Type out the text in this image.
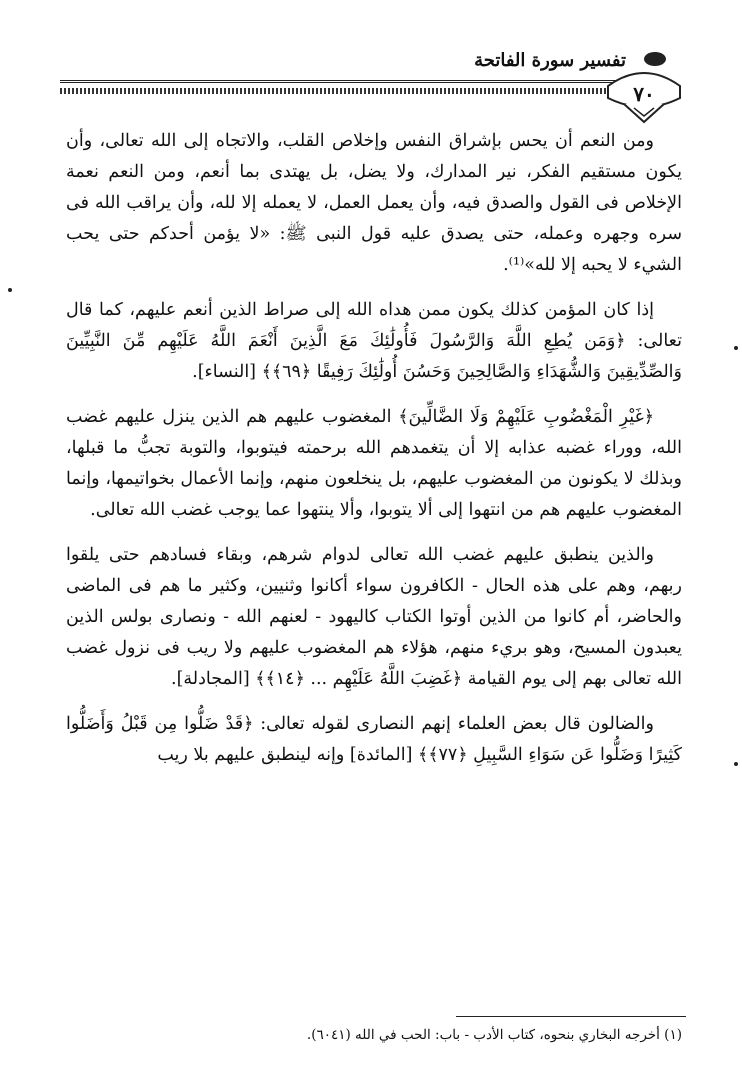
تفسير سورة الفاتحة
٧٠

ومن النعم أن يحس بإشراق النفس وإخلاص القلب، والاتجاه إلى الله تعالى، وأن يكون مستقيم الفكر، نير المدارك، ولا يضل، بل يهتدى بما أنعم، ومن النعم نعمة الإخلاص فى القول والصدق فيه، وأن يعمل العمل، لا يعمله إلا لله، وأن يراقب الله فى سره وجهره وعمله، حتى يصدق عليه قول النبى ﷺ: «لا يؤمن أحدكم حتى يحب الشيء لا يحبه إلا لله»⁽¹⁾.

إذا كان المؤمن كذلك يكون ممن هداه الله إلى صراط الذين أنعم عليهم، كما قال تعالى: ﴿وَمَن يُطِعِ اللَّهَ وَالرَّسُولَ فَأُولَٰئِكَ مَعَ الَّذِينَ أَنْعَمَ اللَّهُ عَلَيْهِم مِّنَ النَّبِيِّينَ وَالصِّدِّيقِينَ وَالشُّهَدَاءِ وَالصَّالِحِينَ وَحَسُنَ أُولَٰئِكَ رَفِيقًا ﴿٦٩﴾﴾ [النساء].

﴿غَيْرِ الْمَغْضُوبِ عَلَيْهِمْ وَلَا الضَّالِّينَ﴾ المغضوب عليهم هم الذين ينزل عليهم غضب الله، ووراء غضبه عذابه إلا أن يتغمدهم الله برحمته فيتوبوا، والتوبة تجبُّ ما قبلها، وبذلك لا يكونون من المغضوب عليهم، بل ينخلعون منهم، وإنما الأعمال بخواتيمها، وإنما المغضوب عليهم هم من انتهوا إلى ألا يتوبوا، وألا ينتهوا عما يوجب غضب الله تعالى.

والذين ينطبق عليهم غضب الله تعالى لدوام شرهم، وبقاء فسادهم حتى يلقوا ربهم، وهم على هذه الحال - الكافرون سواء أكانوا وثنيين، وكثير ما هم فى الماضى والحاضر، أم كانوا من الذين أوتوا الكتاب كاليهود - لعنهم الله - ونصارى بولس الذين يعبدون المسيح، وهو بريء منهم، هؤلاء هم المغضوب عليهم ولا ريب فى نزول غضب الله تعالى بهم إلى يوم القيامة ﴿غَضِبَ اللَّهُ عَلَيْهِم ... ﴿١٤﴾﴾ [المجادلة].

والضالون قال بعض العلماء إنهم النصارى لقوله تعالى: ﴿قَدْ ضَلُّوا مِن قَبْلُ وَأَضَلُّوا كَثِيرًا وَضَلُّوا عَن سَوَاءِ السَّبِيلِ ﴿٧٧﴾﴾ [المائدة] وإنه لينطبق عليهم بلا ريب

(١) أخرجه البخاري بنحوه، كتاب الأدب - باب: الحب في الله (٦٠٤١).
